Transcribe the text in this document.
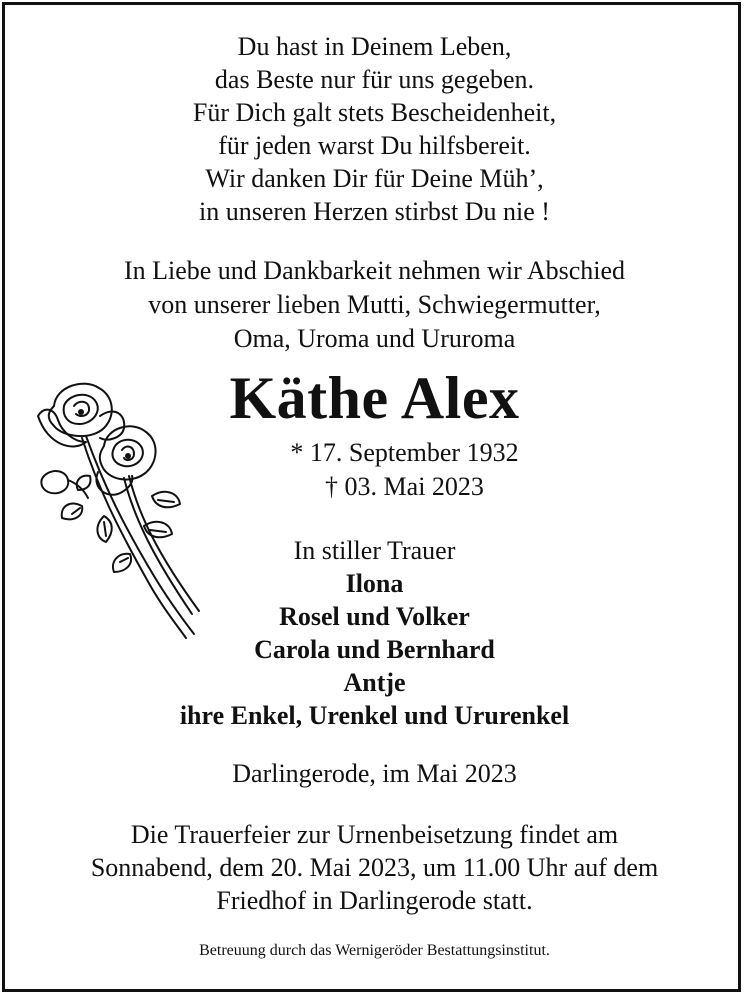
Du hast in Deinem Leben,
das Beste nur für uns gegeben.
Für Dich galt stets Bescheidenheit,
für jeden warst Du hilfsbereit.
Wir danken Dir für Deine Müh’,
in unseren Herzen stirbst Du nie !
In Liebe und Dankbarkeit nehmen wir Abschied
von unserer lieben Mutti, Schwiegermutter,
Oma, Uroma und Ururoma
Käthe Alex
* 17. September 1932
† 03. Mai 2023
In stiller Trauer
Ilona
Rosel und Volker
Carola und Bernhard
Antje
ihre Enkel, Urenkel und Ururenkel
Darlingerode, im Mai 2023
Die Trauerfeier zur Urnenbeisetzung findet am
Sonnabend, dem 20. Mai 2023, um 11.00 Uhr auf dem
Friedhof in Darlingerode statt.
Betreuung durch das Wernigeröder Bestattungsinstitut.
